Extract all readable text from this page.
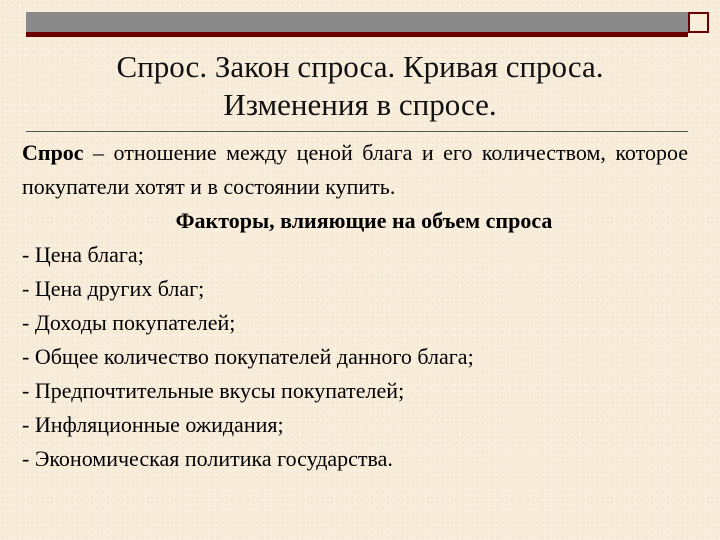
Спрос. Закон спроса. Кривая спроса.
Изменения в спросе.

Спрос – отношение между ценой блага и его количеством, которое покупатели хотят и в состоянии купить.

Факторы, влияющие на объем спроса

- Цена блага;
- Цена других благ;
- Доходы покупателей;
- Общее количество покупателей данного блага;
- Предпочтительные вкусы покупателей;
- Инфляционные ожидания;
- Экономическая политика государства.
